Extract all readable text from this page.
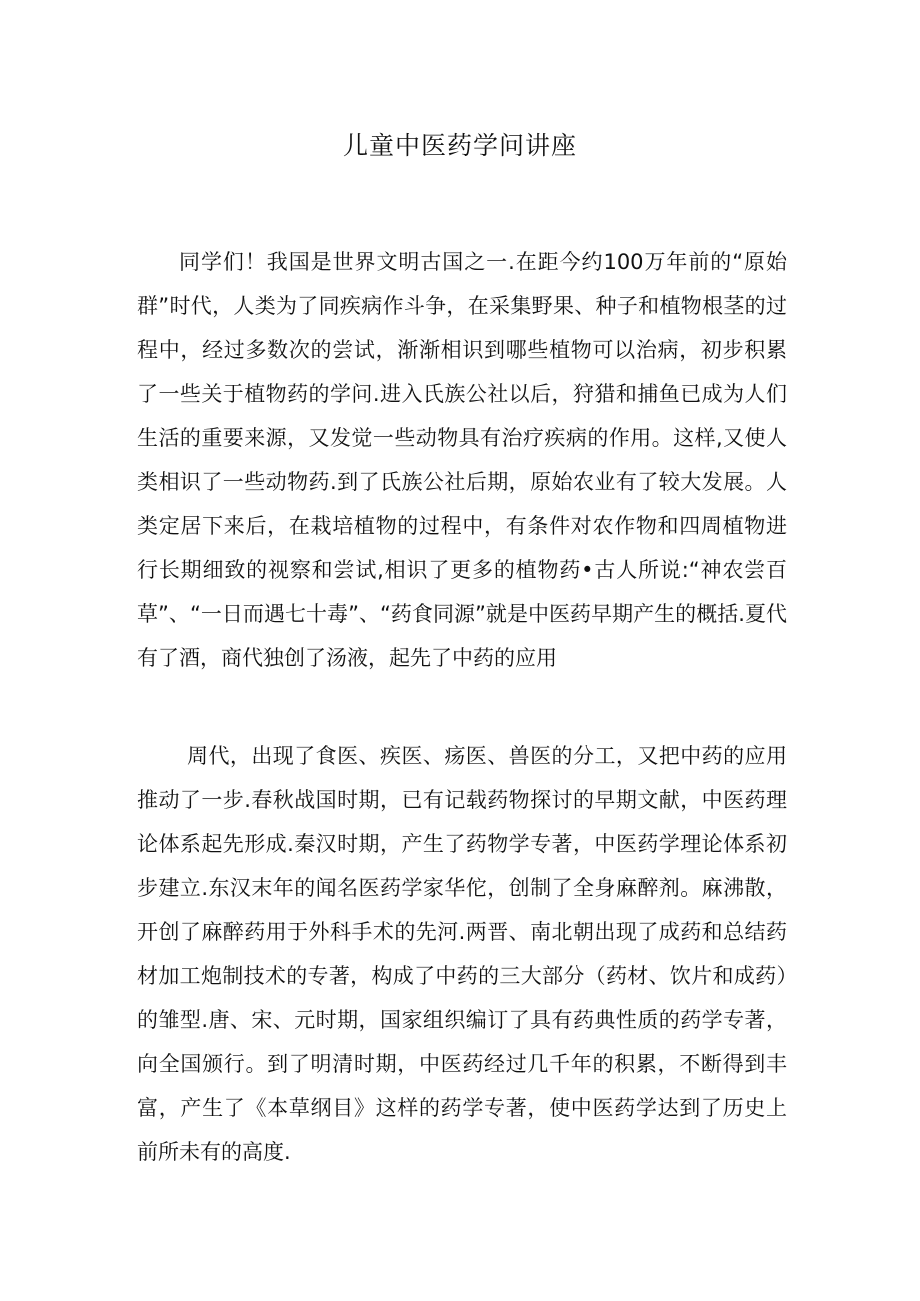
儿童中医药学问讲座

同学们！我国是世界文明古国之一.在距今约100万年前的“原始群”时代，人类为了同疾病作斗争，在采集野果、种子和植物根茎的过程中，经过多数次的尝试，渐渐相识到哪些植物可以治病，初步积累了一些关于植物药的学问.进入氏族公社以后，狩猎和捕鱼已成为人们生活的重要来源，又发觉一些动物具有治疗疾病的作用。这样,又使人类相识了一些动物药.到了氏族公社后期，原始农业有了较大发展。人类定居下来后，在栽培植物的过程中，有条件对农作物和四周植物进行长期细致的视察和尝试,相识了更多的植物药•古人所说:“神农尝百草”、“一日而遇七十毒”、“药食同源”就是中医药早期产生的概括.夏代有了酒，商代独创了汤液，起先了中药的应用

周代，出现了食医、疾医、疡医、兽医的分工，又把中药的应用推动了一步.春秋战国时期，已有记载药物探讨的早期文献，中医药理论体系起先形成.秦汉时期，产生了药物学专著，中医药学理论体系初步建立.东汉末年的闻名医药学家华佗，创制了全身麻醉剂。麻沸散，开创了麻醉药用于外科手术的先河.两晋、南北朝出现了成药和总结药材加工炮制技术的专著，构成了中药的三大部分（药材、饮片和成药）的雏型.唐、宋、元时期，国家组织编订了具有药典性质的药学专著，向全国颁行。到了明清时期，中医药经过几千年的积累，不断得到丰富，产生了《本草纲目》这样的药学专著，使中医药学达到了历史上前所未有的高度.
